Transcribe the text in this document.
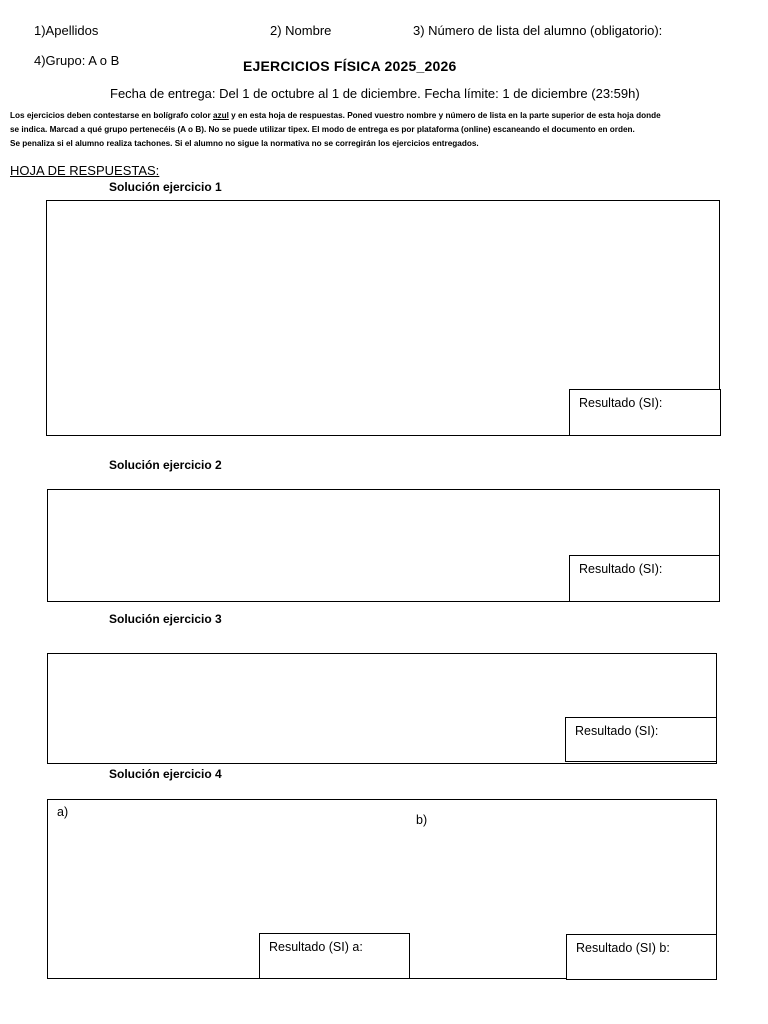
1)Apellidos	2) Nombre	3) Número de lista del alumno (obligatorio):
4)Grupo: A o B	EJERCICIOS FÍSICA 2025_2026
Fecha de entrega: Del 1 de octubre al 1 de diciembre. Fecha límite: 1 de diciembre (23:59h)
Los ejercicios deben contestarse en bolígrafo color azul y en esta hoja de respuestas. Poned vuestro nombre y número de lista en la parte superior de esta hoja donde
se indica. Marcad a qué grupo pertenecéis (A o B). No se puede utilizar tipex. El modo de entrega es por plataforma (online) escaneando el documento en orden.
Se penaliza si el alumno realiza tachones. Si el alumno no sigue la normativa no se corregirán los ejercicios entregados.
HOJA DE RESPUESTAS:
Solución ejercicio 1
Resultado (SI):
Solución ejercicio 2
Resultado (SI):
Solución ejercicio 3
Resultado (SI):
Solución ejercicio 4
a)
b)
Resultado (SI) a:	Resultado (SI) b:
